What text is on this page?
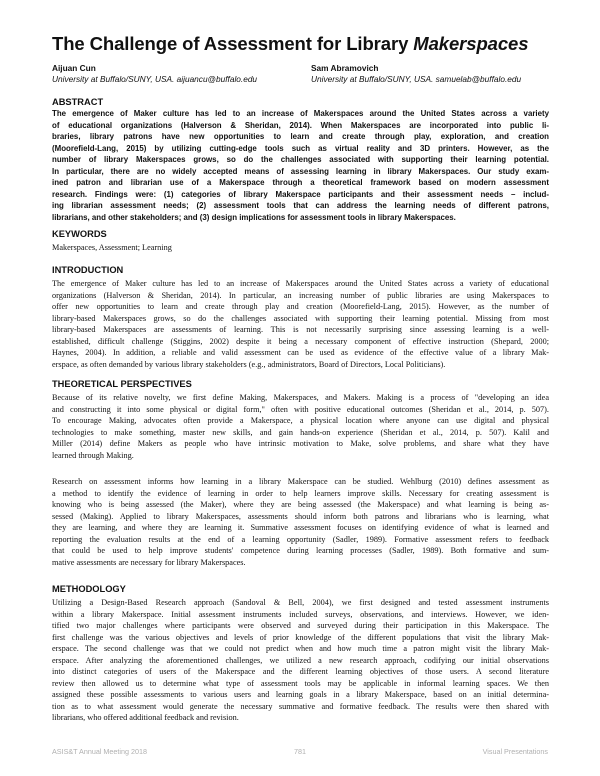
The Challenge of Assessment for Library Makerspaces
Aijuan Cun
University at Buffalo/SUNY, USA. aijuancu@buffalo.edu
Sam Abramovich
University at Buffalo/SUNY, USA. samuelab@buffalo.edu
ABSTRACT
The emergence of Maker culture has led to an increase of Makerspaces around the United States across a variety
of educational organizations (Halverson & Sheridan, 2014). When Makerspaces are incorporated into public li-
braries, library patrons have new opportunities to learn and create through play, exploration, and creation
(Moorefield-Lang, 2015) by utilizing cutting-edge tools such as virtual reality and 3D printers. However, as the
number of library Makerspaces grows, so do the challenges associated with supporting their learning potential.
In particular, there are no widely accepted means of assessing learning in library Makerspaces. Our study exam-
ined patron and librarian use of a Makerspace through a theoretical framework based on modern assessment
research. Findings were: (1) categories of library Makerspace participants and their assessment needs – includ-
ing librarian assessment needs; (2) assessment tools that can address the learning needs of different patrons,
librarians, and other stakeholders; and (3) design implications for assessment tools in library Makerspaces.
KEYWORDS
Makerspaces, Assessment; Learning
INTRODUCTION
The emergence of Maker culture has led to an increase of Makerspaces around the United States across a variety of educational
organizations (Halverson & Sheridan, 2014). In particular, an increasing number of public libraries are using Makerspaces to
offer new opportunities to learn and create through play and creation (Moorefield-Lang, 2015). However, as the number of
library-based Makerspaces grows, so do the challenges associated with supporting their learning potential. Missing from most
library-based Makerspaces are assessments of learning. This is not necessarily surprising since assessing learning is a well-
established, difficult challenge (Stiggins, 2002) despite it being a necessary component of effective instruction (Shepard, 2000;
Haynes, 2004). In addition, a reliable and valid assessment can be used as evidence of the effective value of a library Mak-
erspace, as often demanded by various library stakeholders (e.g., administrators, Board of Directors, Local Politicians).
THEORETICAL PERSPECTIVES
Because of its relative novelty, we first define Making, Makerspaces, and Makers. Making is a process of "developing an idea
and constructing it into some physical or digital form," often with positive educational outcomes (Sheridan et al., 2014, p. 507).
To encourage Making, advocates often provide a Makerspace, a physical location where anyone can use digital and physical
technologies to make something, master new skills, and gain hands-on experience (Sheridan et al., 2014, p. 507). Kalil and
Miller (2014) define Makers as people who have intrinsic motivation to Make, solve problems, and share what they have
learned through Making.
Research on assessment informs how learning in a library Makerspace can be studied. Wehlburg (2010) defines assessment as
a method to identify the evidence of learning in order to help learners improve skills. Necessary for creating assessment is
knowing who is being assessed (the Maker), where they are being assessed (the Makerspace) and what learning is being as-
sessed (Making). Applied to library Makerspaces, assessments should inform both patrons and librarians who is learning, what
they are learning, and where they are learning it. Summative assessment focuses on identifying evidence of what is learned and
reporting the evaluation results at the end of a learning opportunity (Sadler, 1989). Formative assessment refers to feedback
that could be used to help improve students' competence during learning processes (Sadler, 1989). Both formative and sum-
mative assessments are necessary for library Makerspaces.
METHODOLOGY
Utilizing a Design-Based Research approach (Sandoval & Bell, 2004), we first designed and tested assessment instruments
within a library Makerspace. Initial assessment instruments included surveys, observations, and interviews. However, we iden-
tified two major challenges where participants were observed and surveyed during their participation in this Makerspace. The
first challenge was the various objectives and levels of prior knowledge of the different populations that visit the library Mak-
erspace. The second challenge was that we could not predict when and how much time a patron might visit the library Mak-
erspace. After analyzing the aforementioned challenges, we utilized a new research approach, codifying our initial observations
into distinct categories of users of the Makerspace and the different learning objectives of those users. A second literature
review then allowed us to determine what type of assessment tools may be applicable in informal learning spaces. We then
assigned these possible assessments to various users and learning goals in a library Makerspace, based on an initial determina-
tion as to what assessment would generate the necessary summative and formative feedback. The results were then shared with
librarians, who offered additional feedback and revision.
ASIS&T Annual Meeting 2018	781	Visual Presentations
